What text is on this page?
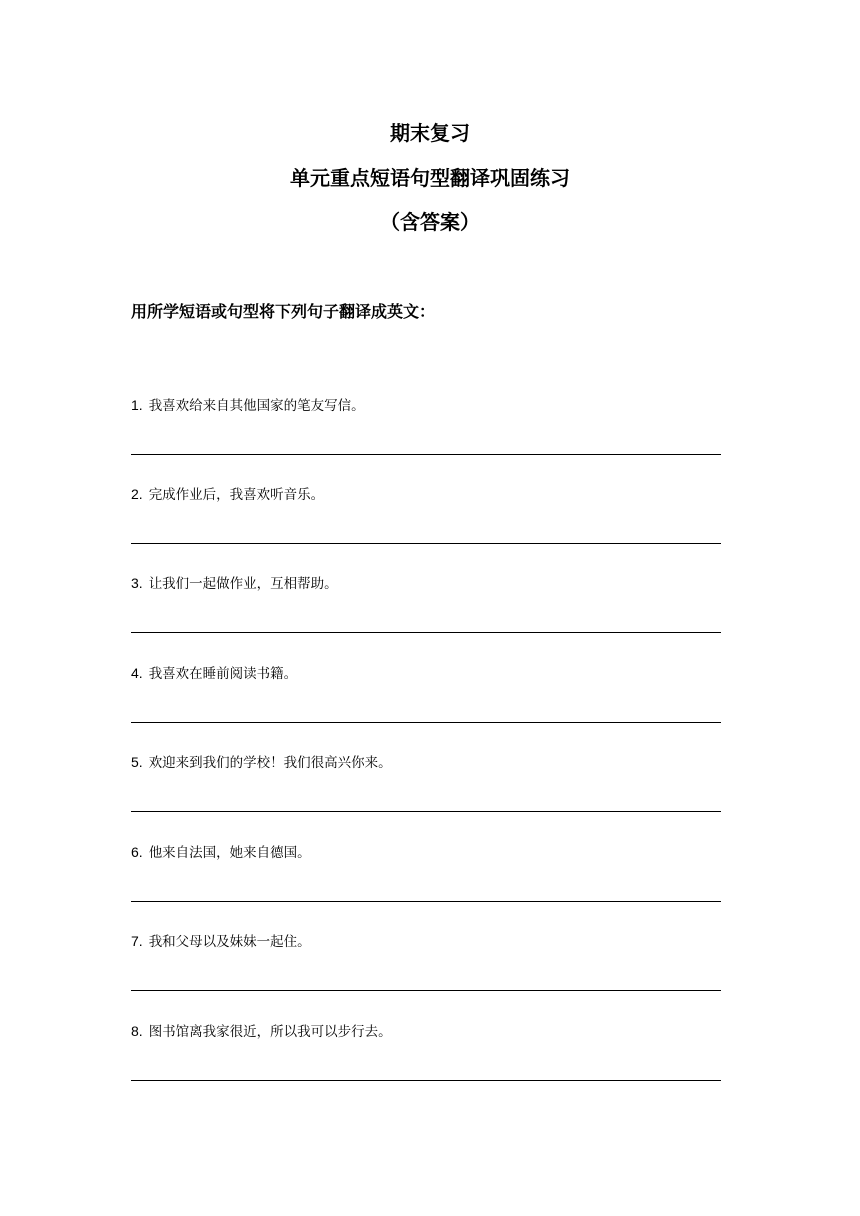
期末复习
单元重点短语句型翻译巩固练习
（含答案）

用所学短语或句型将下列句子翻译成英文：

1. 我喜欢给来自其他国家的笔友写信。
2. 完成作业后，我喜欢听音乐。
3. 让我们一起做作业，互相帮助。
4. 我喜欢在睡前阅读书籍。
5. 欢迎来到我们的学校！我们很高兴你来。
6. 他来自法国，她来自德国。
7. 我和父母以及妹妹一起住。
8. 图书馆离我家很近，所以我可以步行去。
